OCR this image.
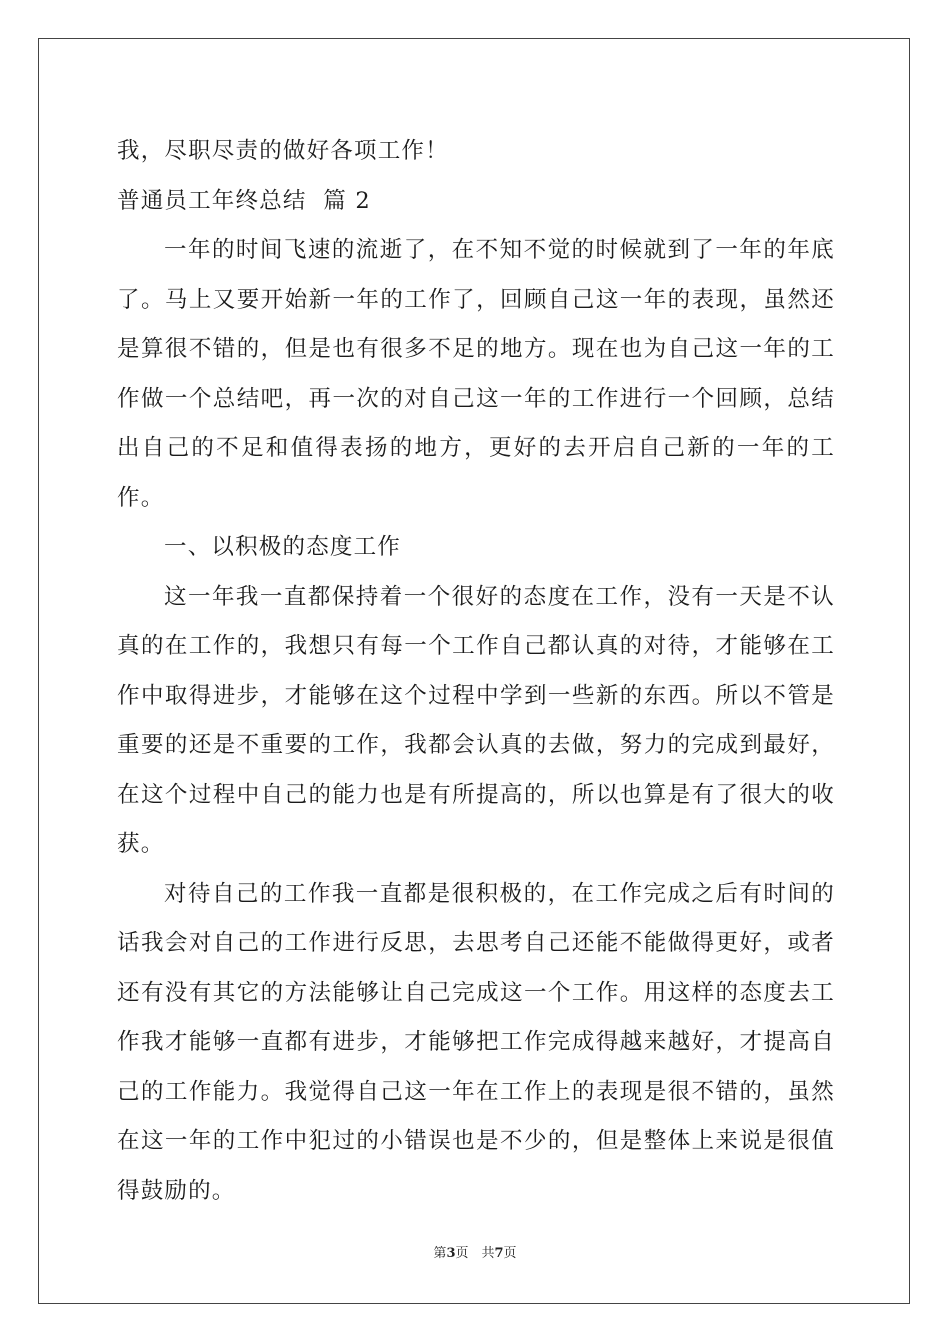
我，尽职尽责的做好各项工作！
普通员工年终总结  篇 2

一年的时间飞速的流逝了，在不知不觉的时候就到了一年的年底了。马上又要开始新一年的工作了，回顾自己这一年的表现，虽然还是算很不错的，但是也有很多不足的地方。现在也为自己这一年的工作做一个总结吧，再一次的对自己这一年的工作进行一个回顾，总结出自己的不足和值得表扬的地方，更好的去开启自己新的一年的工作。

一、以积极的态度工作

这一年我一直都保持着一个很好的态度在工作，没有一天是不认真的在工作的，我想只有每一个工作自己都认真的对待，才能够在工作中取得进步，才能够在这个过程中学到一些新的东西。所以不管是重要的还是不重要的工作，我都会认真的去做，努力的完成到最好，在这个过程中自己的能力也是有所提高的，所以也算是有了很大的收获。

对待自己的工作我一直都是很积极的，在工作完成之后有时间的话我会对自己的工作进行反思，去思考自己还能不能做得更好，或者还有没有其它的方法能够让自己完成这一个工作。用这样的态度去工作我才能够一直都有进步，才能够把工作完成得越来越好，才提高自己的工作能力。我觉得自己这一年在工作上的表现是很不错的，虽然在这一年的工作中犯过的小错误也是不少的，但是整体上来说是很值得鼓励的。

第3页　共7页
